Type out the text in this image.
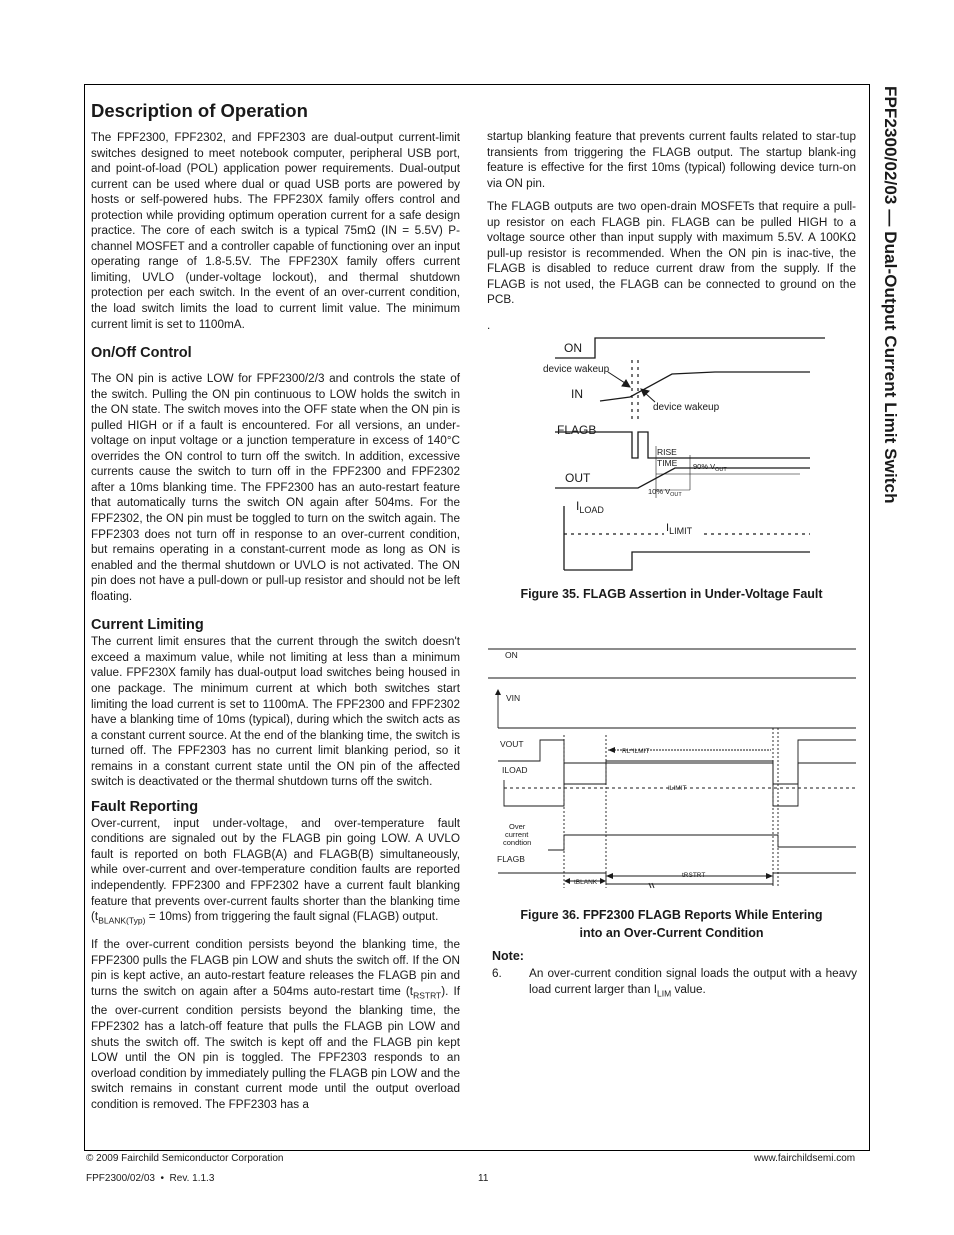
FPF2300/02/03 — Dual-Output Current Limit Switch
Description of Operation

The FPF2300, FPF2302, and FPF2303 are dual-output current-limit switches designed to meet notebook computer, peripheral USB port, and point-of-load (POL) application power requirements. Dual-output current can be used where dual or quad USB ports are powered by hosts or self-powered hubs. The FPF230X family offers control and protection while providing optimum operation current for a safe design practice. The core of each switch is a typical 75mΩ (IN = 5.5V) P-channel MOSFET and a controller capable of functioning over an input operating range of 1.8-5.5V. The FPF230X family offers current limiting, UVLO (under-voltage lockout), and thermal shutdown protection per each switch. In the event of an over-current condition, the load switch limits the load to current limit value. The minimum current limit is set to 1100mA.

On/Off Control

The ON pin is active LOW for FPF2300/2/3 and controls the state of the switch. Pulling the ON pin continuous to LOW holds the switch in the ON state. The switch moves into the OFF state when the ON pin is pulled HIGH or if a fault is encountered. For all versions, an under-voltage on input voltage or a junction temperature in excess of 140°C overrides the ON control to turn off the switch. In addition, excessive currents cause the switch to turn off in the FPF2300 and FPF2302 after a 10ms blanking time. The FPF2300 has an auto-restart feature that automatically turns the switch ON again after 504ms. For the FPF2302, the ON pin must be toggled to turn on the switch again. The FPF2303 does not turn off in response to an over-current condition, but remains operating in a constant-current mode as long as ON is enabled and the thermal shutdown or UVLO is not activated. The ON pin does not have a pull-down or pull-up resistor and should not be left floating.

Current Limiting

The current limit ensures that the current through the switch doesn't exceed a maximum value, while not limiting at less than a minimum value. FPF230X family has dual-output load switches being housed in one package. The minimum current at which both switches start limiting the load current is set to 1100mA. The FPF2300 and FPF2302 have a blanking time of 10ms (typical), during which the switch acts as a constant current source. At the end of the blanking time, the switch is turned off. The FPF2303 has no current limit blanking period, so it remains in a constant current state until the ON pin of the affected switch is deactivated or the thermal shutdown turns off the switch.

Fault Reporting

Over-current, input under-voltage, and over-temperature fault conditions are signaled out by the FLAGB pin going LOW. A UVLO fault is reported on both FLAGB(A) and FLAGB(B) simultaneously, while over-current and over-temperature condition faults are reported independently. FPF2300 and FPF2302 have a current fault blanking feature that prevents over-current faults shorter than the blanking time $(t_{BLANK(Typ)} = 10ms)$ from triggering the fault signal (FLAGB) output.

If the over-current condition persists beyond the blanking time, the FPF2300 pulls the FLAGB pin LOW and shuts the switch off. If the ON pin is kept active, an auto-restart feature releases the FLAGB pin and turns the switch on again after a 504ms auto-restart time $(t_{RSTRT})$. If the over-current condition persists beyond the blanking time, the FPF2302 has a latch-off feature that pulls the FLAGB pin LOW and shuts the switch off. The switch is kept off and the FLAGB pin kept LOW until the ON pin is toggled. The FPF2303 responds to an overload condition by immediately pulling the FLAGB pin LOW and the switch remains in constant current mode until the output overload condition is removed. The FPF2303 has a

startup blanking feature that prevents current faults related to star-tup transients from triggering the FLAGB output. The startup blank-ing feature is effective for the first 10ms (typical) following device turn-on via ON pin.

The FLAGB outputs are two open-drain MOSFETs that require a pull-up resistor on each FLAGB pin. FLAGB can be pulled HIGH to a voltage source other than input supply with maximum 5.5V. A 100KΩ pull-up resistor is recommended. When the ON pin is inac-tive, the FLAGB is disabled to reduce current draw from the supply. If the FLAGB is not used, the FLAGB can be connected to ground on the PCB.

.

ON
device wakeup
IN
device wakeup
FLAGB
RISE
TIME 90% $V_{OUT}$
OUT
10% $V_{OUT}$
$I_{LOAD}$
$I_{LIMIT}$
Figure 35. FLAGB Assertion in Under-Voltage Fault
ON
VIN
VOUT
RL*ILMIT
ILOAD
ILIMIT
Over
current
condtion
FLAGB
tBLANK
tRSTRT
Figure 36. FPF2300 FLAGB Reports While Entering
into an Over-Current Condition
Note:
6.	An over-current condition signal loads the output with a heavy load current larger than $I_{LIM}$ value.
© 2009 Fairchild Semiconductor Corporation
FPF2300/02/03  •  Rev. 1.1.3	11
www.fairchildsemi.com
